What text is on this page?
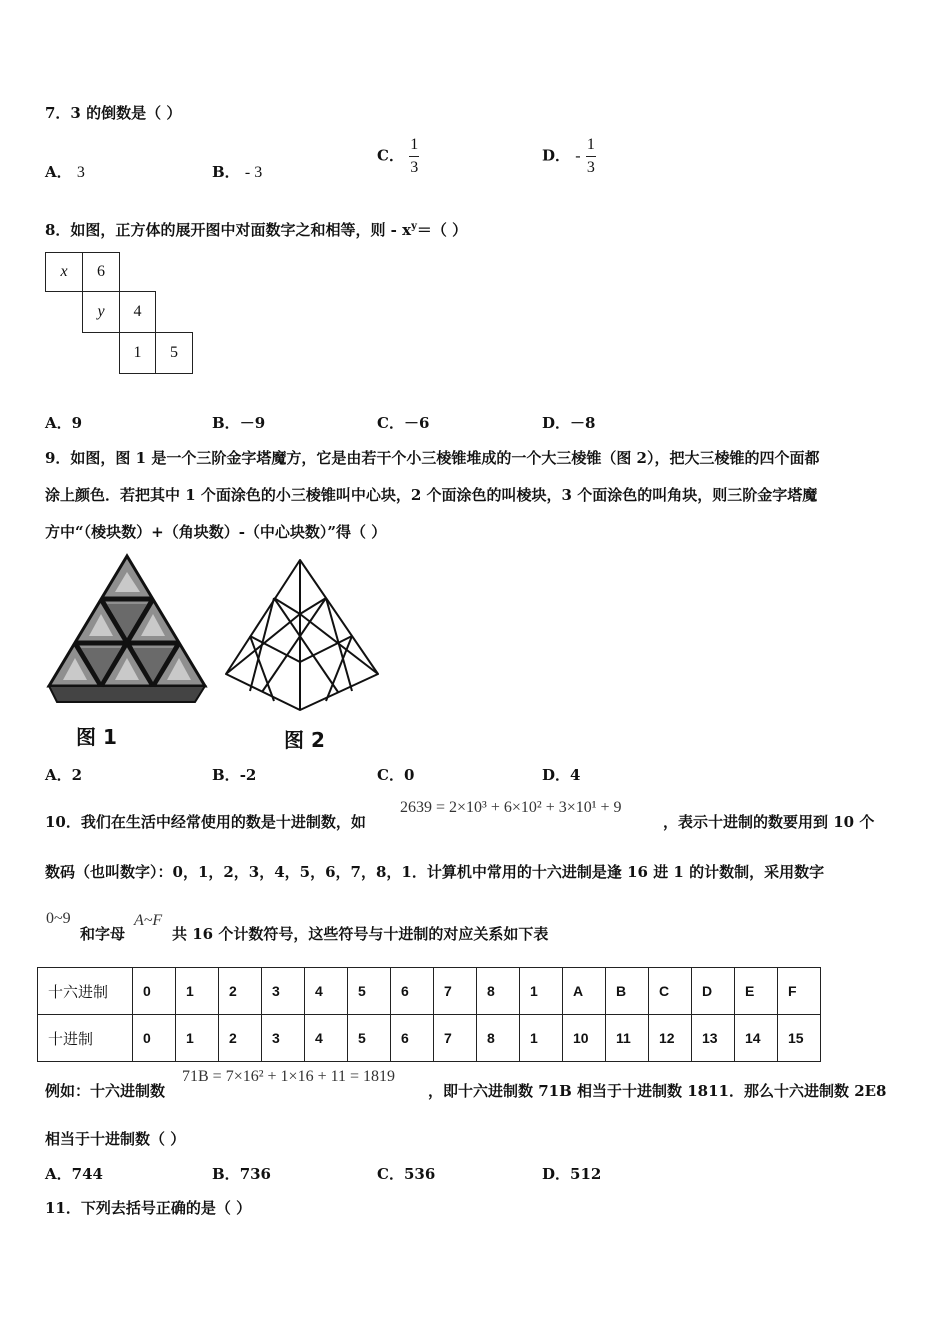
7．3 的倒数是（ ）
A． 3	B． - 3
C． $\frac{1}{3}$	D． - $\frac{1}{3}$
8．如图，正方体的展开图中对面数字之和相等，则 - $x^y=$（ ）
x	6
y	4
1	5
A．9	B．－9	C．－6	D．－8
9．如图，图 1 是一个三阶金字塔魔方，它是由若干个小三棱锥堆成的一个大三棱锥（图 2），把大三棱锥的四个面都
涂上颜色．若把其中 1 个面涂色的小三棱锥叫中心块，2 个面涂色的叫棱块，3 个面涂色的叫角块，则三阶金字塔魔
方中“（棱块数）+（角块数）-（中心块数）”得（ ）
图 1	图 2
A．2	B．-2	C．0	D．4
10．我们在生活中经常使用的数是十进制数，如
2639 = 2×10³ + 6×10² + 3×10¹ + 9
，表示十进制的数要用到 10 个
数码（也叫数字）：0，1，2，3，4，5，6，7，8，1．计算机中常用的十六进制是逢 16 进 1 的计数制，采用数字
0~9
和字母
A~F
共 16 个计数符号，这些符号与十进制的对应关系如下表
十六进制	0	1	2	3	4	5	6	7	8	1	A	B	C	D	E	F
十进制	0	1	2	3	4	5	6	7	8	1	10	11	12	13	14	15
例如：十六进制数
71B = 7×16² + 1×16 + 11 = 1819
，即十六进制数 71B 相当于十进制数 1811．那么十六进制数 2E8
相当于十进制数（ ）
A．744	B．736	C．536	D．512
11．下列去括号正确的是（ ）
